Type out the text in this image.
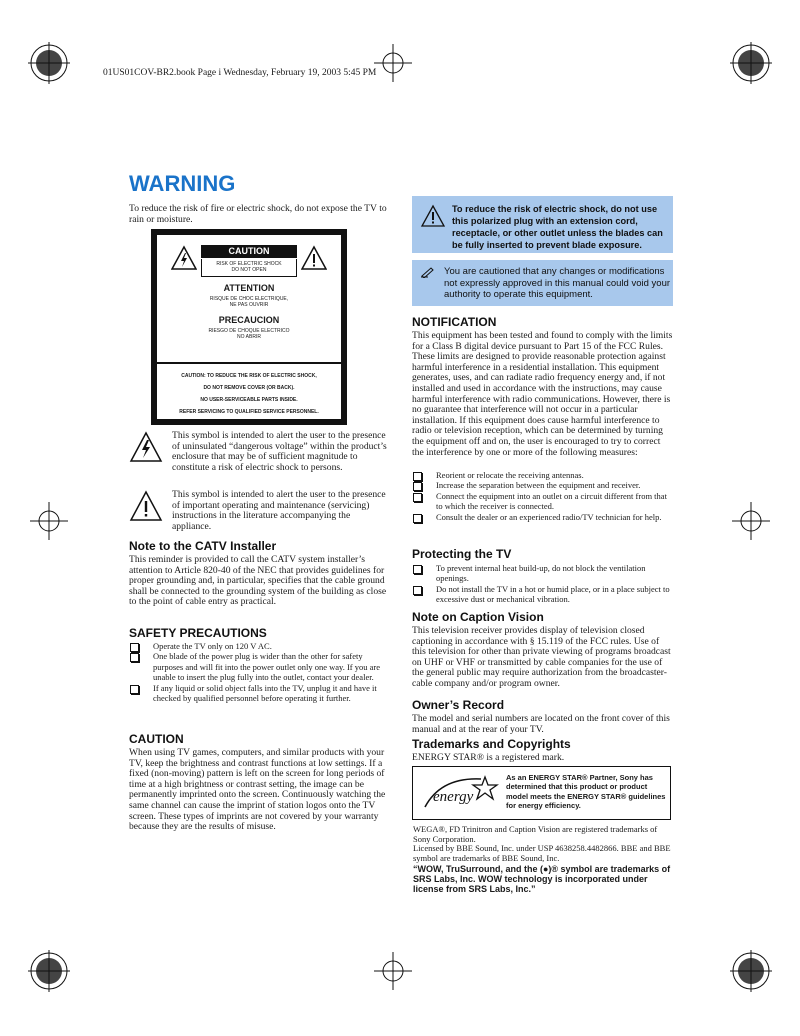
01US01COV-BR2.book Page i Wednesday, February 19, 2003 5:45 PM
WARNING
To reduce the risk of fire or electric shock, do not expose the TV to rain or moisture.
CAUTION
RISK OF ELECTRIC SHOCK
DO NOT OPEN
ATTENTION
RISQUE DE CHOC ELECTRIQUE,
NE PAS OUVRIR
PRECAUCION
RIESGO DE CHOQUE ELECTRICO
NO ABRIR
CAUTION: TO REDUCE THE RISK OF ELECTRIC SHOCK,
DO NOT REMOVE COVER (OR BACK).
NO USER-SERVICEABLE PARTS INSIDE.
REFER SERVICING TO QUALIFIED SERVICE PERSONNEL.
This symbol is intended to alert the user to the presence of uninsulated “dangerous voltage” within the product’s enclosure that may be of sufficient magnitude to constitute a risk of electric shock to persons.
This symbol is intended to alert the user to the presence of important operating and maintenance (servicing) instructions in the literature accompanying the appliance.
Note to the CATV Installer
This reminder is provided to call the CATV system installer’s attention to Article 820-40 of the NEC that provides guidelines for proper grounding and, in particular, specifies that the cable ground shall be connected to the grounding system of the building as close to the point of cable entry as practical.
SAFETY PRECAUTIONS
Operate the TV only on 120 V AC.
One blade of the power plug is wider than the other for safety purposes and will fit into the power outlet only one way. If you are unable to insert the plug fully into the outlet, contact your dealer.
If any liquid or solid object falls into the TV, unplug it and have it checked by qualified personnel before operating it further.
CAUTION
When using TV games, computers, and similar products with your TV, keep the brightness and contrast functions at low settings. If a fixed (non-moving) pattern is left on the screen for long periods of time at a high brightness or contrast setting, the image can be permanently imprinted onto the screen. Continuously watching the same channel can cause the imprint of station logos onto the TV screen. These types of imprints are not covered by your warranty because they are the results of misuse.
To reduce the risk of electric shock, do not use this polarized plug with an extension cord, receptacle, or other outlet unless the blades can be fully inserted to prevent blade exposure.
You are cautioned that any changes or modifications not expressly approved in this manual could void your authority to operate this equipment.
NOTIFICATION
This equipment has been tested and found to comply with the limits for a Class B digital device pursuant to Part 15 of the FCC Rules. These limits are designed to provide reasonable protection against harmful interference in a residential installation. This equipment generates, uses, and can radiate radio frequency energy and, if not installed and used in accordance with the instructions, may cause harmful interference with radio communications. However, there is no guarantee that interference will not occur in a particular installation. If this equipment does cause harmful interference to radio or television reception, which can be determined by turning the equipment off and on, the user is encouraged to try to correct the interference by one or more of the following measures:
Reorient or relocate the receiving antennas.
Increase the separation between the equipment and receiver.
Connect the equipment into an outlet on a circuit different from that to which the receiver is connected.
Consult the dealer or an experienced radio/TV technician for help.
Protecting the TV
To prevent internal heat build-up, do not block the ventilation openings.
Do not install the TV in a hot or humid place, or in a place subject to excessive dust or mechanical vibration.
Note on Caption Vision
This television receiver provides display of television closed captioning in accordance with § 15.119 of the FCC rules. Use of this television for other than private viewing of programs broadcast on UHF or VHF or transmitted by cable companies for the use of the general public may require authorization from the broadcaster-cable company and/or program owner.
Owner’s Record
The model and serial numbers are located on the front cover of this manual and at the rear of your TV.
Trademarks and Copyrights
ENERGY STAR® is a registered mark.
energy
As an ENERGY STAR® Partner, Sony has determined that this product or product model meets the ENERGY STAR® guidelines for energy efficiency.
WEGA®, FD Trinitron and Caption Vision are registered trademarks of Sony Corporation.
Licensed by BBE Sound, Inc. under USP 4638258.4482866. BBE and BBE symbol are trademarks of BBE Sound, Inc.
“WOW, TruSurround, and the (●)® symbol are trademarks of SRS Labs, Inc. WOW technology is incorporated under license from SRS Labs, Inc.”
